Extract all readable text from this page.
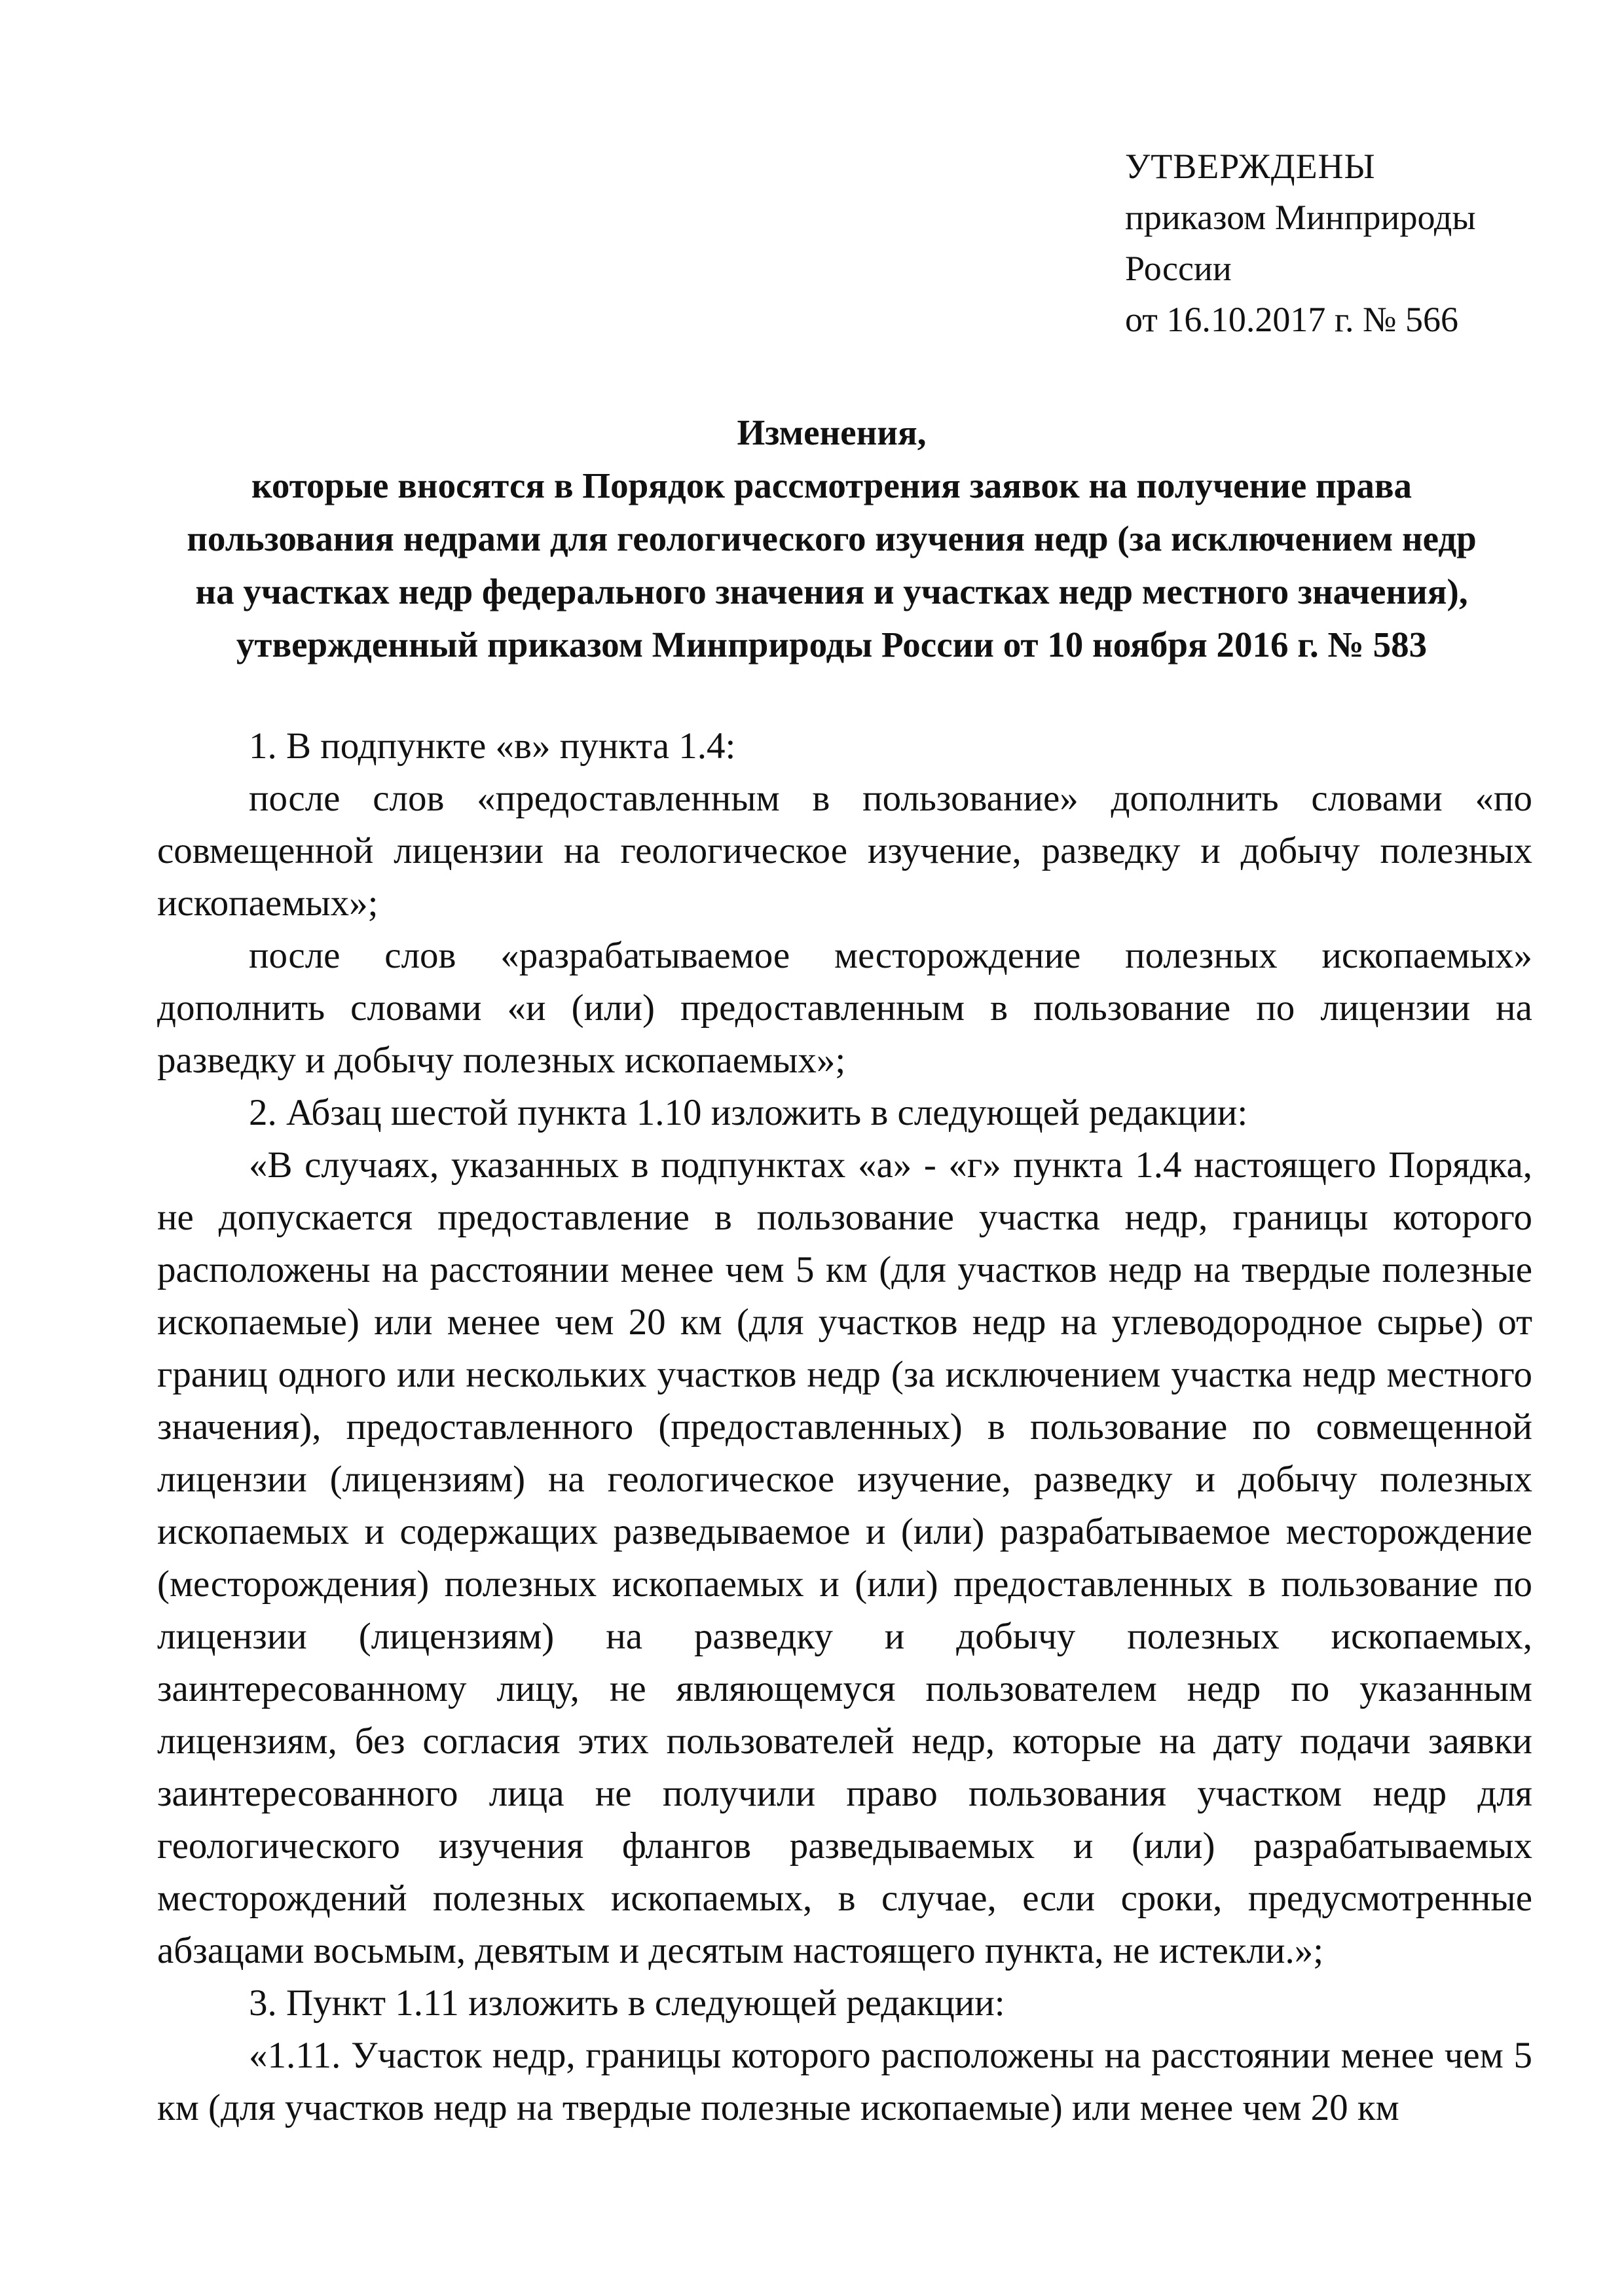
УТВЕРЖДЕНЫ
приказом Минприроды
России
от 16.10.2017 г. № 566
Изменения,
которые вносятся в Порядок рассмотрения заявок на получение права
пользования недрами для геологического изучения недр (за исключением недр
на участках недр федерального значения и участках недр местного значения),
утвержденный приказом Минприроды России от 10 ноября 2016 г. № 583

1. В подпункте «в» пункта 1.4:

после слов «предоставленным в пользование» дополнить словами «по совмещенной лицензии на геологическое изучение, разведку и добычу полезных ископаемых»;

после слов «разрабатываемое месторождение полезных ископаемых» дополнить словами «и (или) предоставленным в пользование по лицензии на разведку и добычу полезных ископаемых»;

2. Абзац шестой пункта 1.10 изложить в следующей редакции:

«В случаях, указанных в подпунктах «а» - «г» пункта 1.4 настоящего Порядка, не допускается предоставление в пользование участка недр, границы которого расположены на расстоянии менее чем 5 км (для участков недр на твердые полезные ископаемые) или менее чем 20 км (для участков недр на углеводородное сырье) от границ одного или нескольких участков недр (за исключением участка недр местного значения), предоставленного (предоставленных) в пользование по совмещенной лицензии (лицензиям) на геологическое изучение, разведку и добычу полезных ископаемых и содержащих разведываемое и (или) разрабатываемое месторождение (месторождения) полезных ископаемых и (или) предоставленных в пользование по лицензии (лицензиям) на разведку и добычу полезных ископаемых, заинтересованному лицу, не являющемуся пользователем недр по указанным лицензиям, без согласия этих пользователей недр, которые на дату подачи заявки заинтересованного лица не получили право пользования участком недр для геологического изучения флангов разведываемых и (или) разрабатываемых месторождений полезных ископаемых, в случае, если сроки, предусмотренные абзацами восьмым, девятым и десятым настоящего пункта, не истекли.»;

3. Пункт 1.11 изложить в следующей редакции:

«1.11. Участок недр, границы которого расположены на расстоянии менее чем 5 км (для участков недр на твердые полезные ископаемые) или менее чем 20 км
